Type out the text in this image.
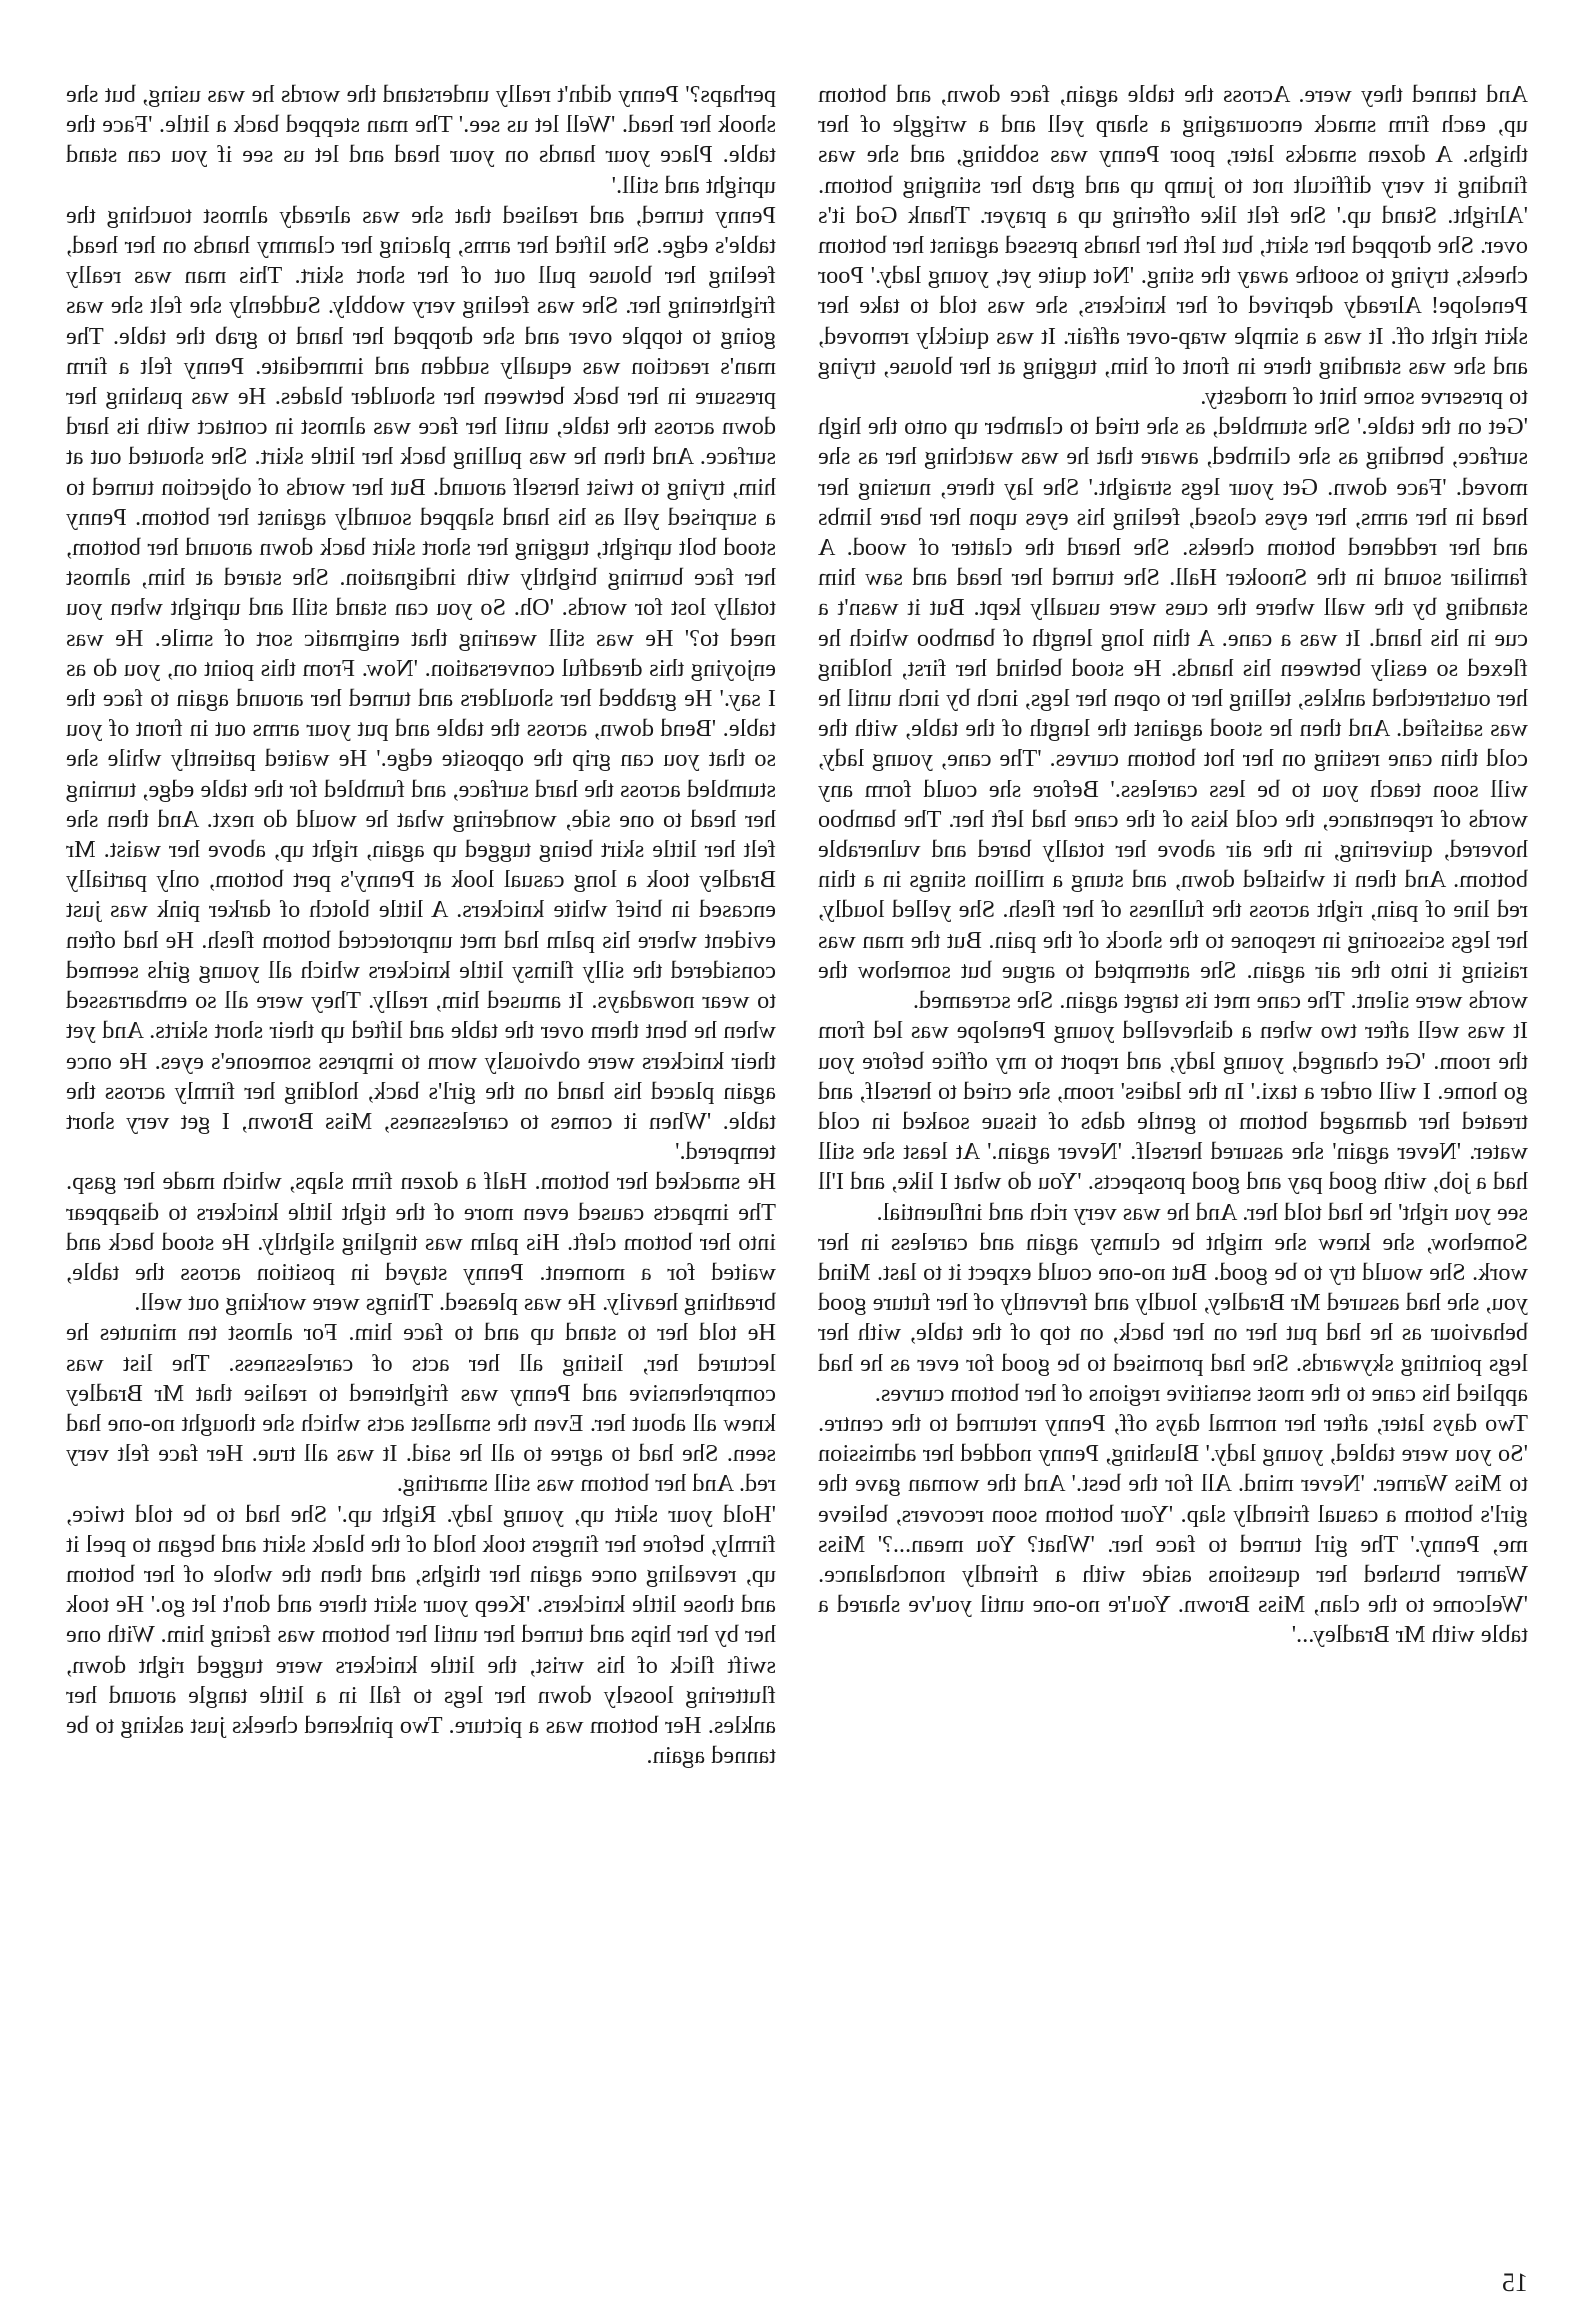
And tanned they were. Across the table again, face down, and bottom up, each firm smack encouraging a sharp yell and a wriggle of her thighs. A dozen smacks later, poor Penny was sobbing, and she was finding it very difficult not to jump up and grab her stinging bottom. 'Alright. Stand up.' She felt like offering up a prayer. Thank God it's over. She dropped her skirt, but left her hands pressed against her bottom cheeks, trying to soothe away the sting. 'Not quite yet, young lady.' Poor Penelope! Already deprived of her knickers, she was told to take her skirt right off. It was a simple wrap-over affair. It was quickly removed, and she was standing there in front of him, tugging at her blouse, trying to preserve some hint of modesty.

'Get on the table.' She stumbled, as she tried to clamber up onto the high surface, bending as she climbed, aware that he was watching her as she moved. 'Face down. Get your legs straight.' She lay there, nursing her head in her arms, her eyes closed, feeling his eyes upon her bare limbs and her reddened bottom cheeks. She heard the clatter of wood. A familiar sound in the Snooker Hall. She turned her head and saw him standing by the wall where the cues were usually kept. But it wasn't a cue in his hand. It was a cane. A thin long length of bamboo which he flexed so easily between his hands. He stood behind her first, holding her outstretched ankles, telling her to open her legs, inch by inch until he was satisfied. And then he stood against the length of the table, with the cold thin cane resting on her hot bottom curves. 'The cane, young lady, will soon teach you to be less careless.' Before she could form any words of repentance, the cold kiss of the cane had left her. The bamboo hovered, quivering, in the air above her totally bared and vulnerable bottom. And then it whistled down, and stung a million stings in a thin red line of pain, right across the fullness of her flesh. She yelled loudly, her legs scissoring in response to the shock of the pain. But the man was raising it into the air again. She attempted to argue but somehow the words were silent. The cane met its target again. She screamed.

It was well after two when a dishevelled young Penelope was led from the room. 'Get changed, young lady, and report to my office before you go home. I will order a taxi.' In the ladies' room, she cried to herself, and treated her damaged bottom to gentle dabs of tissue soaked in cold water. 'Never again' she assured herself. 'Never again.' At least she still had a job, with good pay and good prospects. 'You do what I like, and I'll see you right' he had told her. And he was very rich and influential.

Somehow, she knew she might be clumsy again and careless in her work. She would try to be good. But no-one could expect it to last. Mind you, she had assured Mr Bradley, loudly and fervently of her future good behaviour as he had put her on her back, on top of the table, with her legs pointing skywards. She had promised to be good for ever as he had applied his cane to the most sensitive regions of her bottom curves.

Two days later, after her normal days off, Penny returned to the centre. 'So you were tabled, young lady.' Blushing, Penny nodded her admission to Miss Warner. 'Never mind. All for the best.' And the woman gave the girl's bottom a casual friendly slap. 'Your bottom soon recovers, believe me, Penny.' The girl turned to face her. 'What? You mean...?' Miss Warner brushed her questions aside with a friendly nonchalance. 'Welcome to the clan, Miss Brown. You're no-one until you've shared a table with Mr Bradley...'

perhaps?' Penny didn't really understand the words he was using, but she shook her head. 'Well let us see.' The man stepped back a little. 'Face the table. Place your hands on your head and let us see if you can stand upright and still.'

Penny turned, and realised that she was already almost touching the table's edge. She lifted her arms, placing her clammy hands on her head, feeling her blouse pull out of her short skirt. This man was really frightening her. She was feeling very wobbly. Suddenly she felt she was going to topple over and she dropped her hand to grab the table. The man's reaction was equally sudden and immediate. Penny felt a firm pressure in her back between her shoulder blades. He was pushing her down across the table, until her face was almost in contact with its hard surface. And then he was pulling back her little skirt. She shouted out at him, trying to twist herself around. But her words of objection turned to a surprised yell as his hand slapped soundly against her bottom. Penny stood bolt upright, tugging her short skirt back down around her bottom, her face burning brightly with indignation. She stared at him, almost totally lost for words. 'Oh. So you can stand still and upright when you need to?' He was still wearing that enigmatic sort of smile. He was enjoying this dreadful conversation. 'Now. From this point on, you do as I say.' He grabbed her shoulders and turned her around again to face the table. 'Bend down, across the table and put your arms out in front of you so that you can grip the opposite edge.' He waited patiently while she stumbled across the hard surface, and fumbled for the table edge, turning her head to one side, wondering what he would do next. And then she felt her little skirt being tugged up again, right up, above her waist. Mr Bradley took a long casual look at Penny's pert bottom, only partially encased in brief white knickers. A little blotch of darker pink was just evident where his palm had met unprotected bottom flesh. He had often considered the silly flimsy little knickers which all young girls seemed to wear nowadays. It amused him, really. They were all so embarrassed when he bent them over the table and lifted up their short skirts. And yet their knickers were obviously worn to impress someone's eyes. He once again placed his hand on the girl's back, holding her firmly across the table. 'When it comes to carelessness, Miss Brown, I get very short tempered.'

He smacked her bottom. Half a dozen firm slaps, which made her gasp. The impacts caused even more of the tight little knickers to disappear into her bottom cleft. His palm was tingling slightly. He stood back and waited for a moment. Penny stayed in position across the table, breathing heavily. He was pleased. Things were working out well.

He told her to stand up and to face him. For almost ten minutes he lectured her, listing all her acts of carelessness. The list was comprehensive and Penny was frightened to realise that Mr Bradley knew all about her. Even the smallest acts which she thought no-one had seen. She had to agree to all he said. It was all true. Her face felt very red. And her bottom was still smarting.

'Hold your skirt up, young lady. Right up.' She had to be told twice, firmly, before her fingers took hold of the black skirt and began to peel it up, revealing once again her thighs, and then the whole of her bottom and those little knickers. 'Keep your skirt there and don't let go.' He took her by her hips and turned her until her bottom was facing him. With one swift flick of his wrist, the little knickers were tugged right down, fluttering loosely down her legs to fall in a little tangle around her ankles. Her bottom was a picture. Two pinkened cheeks just asking to be tanned again.

15
